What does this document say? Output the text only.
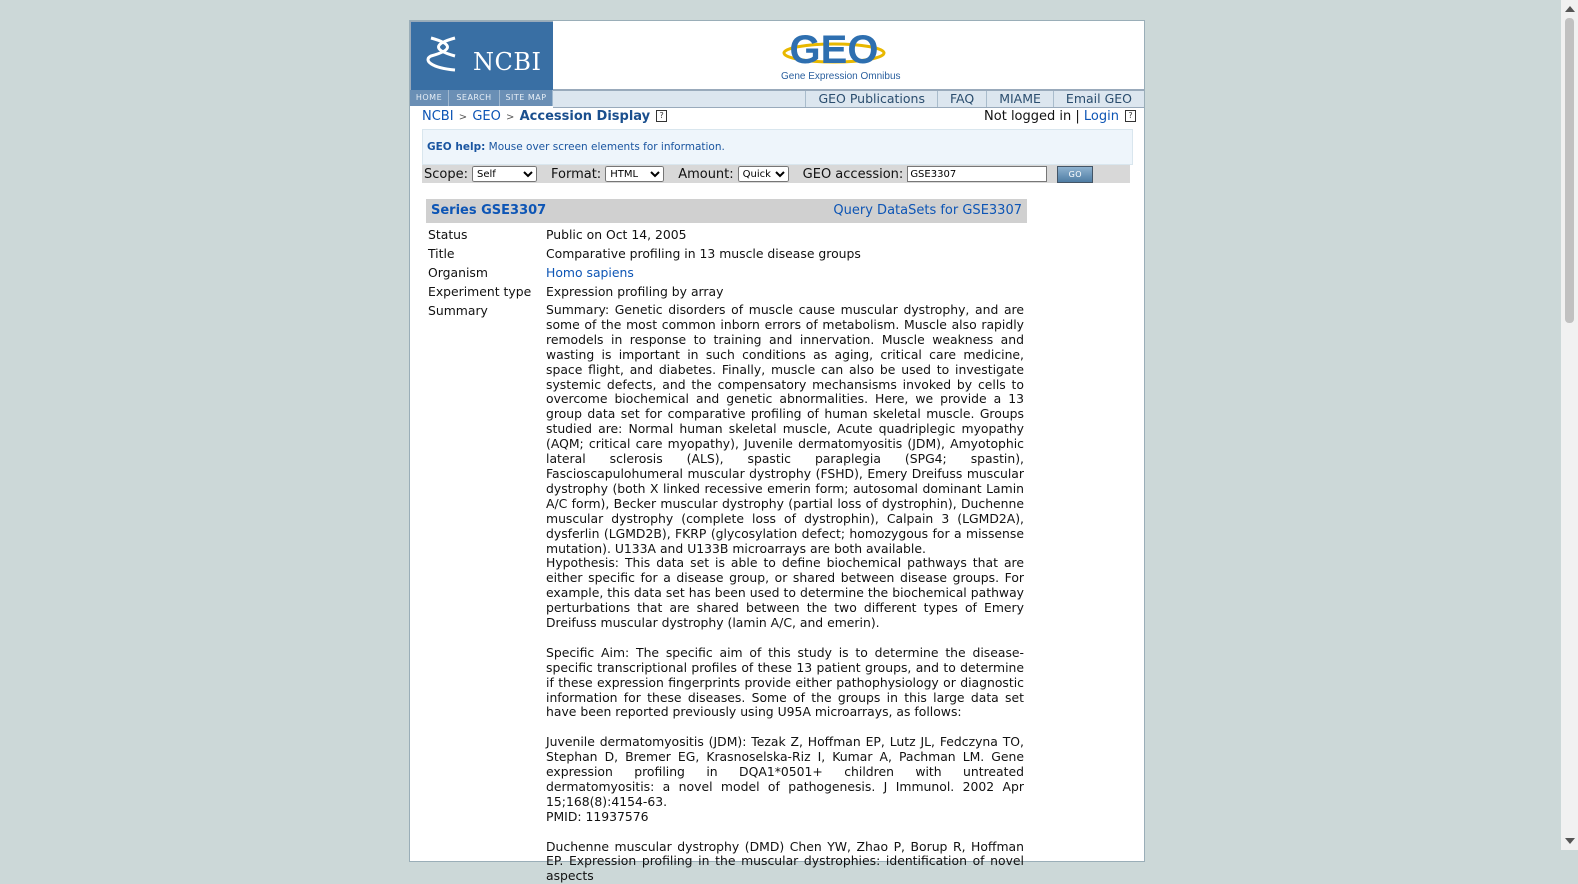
NCBI
HOME	SEARCH	SITE MAP
GEO
Gene Expression Omnibus
GEO Publications	FAQ	MIAME	Email GEO
NCBI > GEO > Accession Display ?	Not logged in | Login ?
GEO help: Mouse over screen elements for information.
Scope:
Self	Format:
HTML	Amount:
Quick	GEO accession:
GSE3307	GO
Series GSE3307	Query DataSets for GSE3307
Status	Public on Oct 14, 2005
Title	Comparative profiling in 13 muscle disease groups
Organism	Homo sapiens
Experiment type	Expression profiling by array
Summary	Summary: Genetic disorders of muscle cause muscular dystrophy, and are some of the most common inborn errors of metabolism. Muscle also rapidly remodels in response to training and innervation. Muscle weakness and wasting is important in such conditions as aging, critical care medicine, space flight, and diabetes. Finally, muscle can also be used to investigate systemic defects, and the compensatory mechansisms invoked by cells to overcome biochemical and genetic abnormalities. Here, we provide a 13 group data set for comparative profiling of human skeletal muscle. Groups studied are: Normal human skeletal muscle, Acute quadriplegic myopathy (AQM; critical care myopathy), Juvenile dermatomyositis (JDM), Amyotophic lateral sclerosis (ALS), spastic paraplegia (SPG4; spastin), Fascioscapulohumeral muscular dystrophy (FSHD), Emery Dreifuss muscular dystrophy (both X linked recessive emerin form; autosomal dominant Lamin A/C form), Becker muscular dystrophy (partial loss of dystrophin), Duchenne muscular dystrophy (complete loss of dystrophin), Calpain 3 (LGMD2A), dysferlin (LGMD2B), FKRP (glycosylation defect; homozygous for a missense mutation). U133A and U133B microarrays are both available.

Hypothesis: This data set is able to define biochemical pathways that are either specific for a disease group, or shared between disease groups. For example, this data set has been used to determine the biochemical pathway perturbations that are shared between the two different types of Emery Dreifuss muscular dystrophy (lamin A/C, and emerin).

Specific Aim: The specific aim of this study is to determine the disease-specific transcriptional profiles of these 13 patient groups, and to determine if these expression fingerprints provide either pathophysiology or diagnostic information for these diseases. Some of the groups in this large data set have been reported previously using U95A microarrays, as follows:

Juvenile dermatomyositis (JDM): Tezak Z, Hoffman EP, Lutz JL, Fedczyna TO, Stephan D, Bremer EG, Krasnoselska-Riz I, Kumar A, Pachman LM. Gene expression profiling in DQA1*0501+ children with untreated dermatomyositis: a novel model of pathogenesis. J Immunol. 2002 Apr 15;168(8):4154-63.

PMID: 11937576

Duchenne muscular dystrophy (DMD) Chen YW, Zhao P, Borup R, Hoffman EP. Expression profiling in the muscular dystrophies: identification of novel aspects
